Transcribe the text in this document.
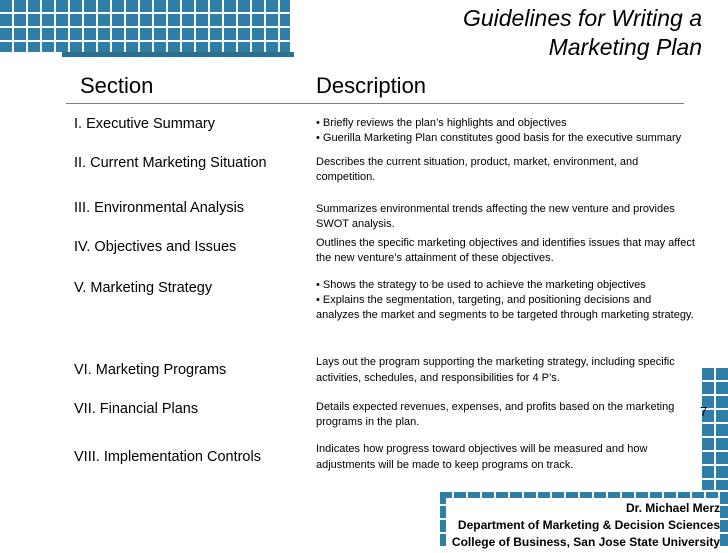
Guidelines for Writing a
Marketing Plan
Section	Description
I. Executive Summary	• Briefly reviews the plan’s highlights and objectives

• Guerilla Marketing Plan constitutes good basis for the executive summary

II. Current Marketing Situation	Describes the current situation, product, market, environment, and competition.

III. Environmental Analysis	Summarizes environmental trends affecting the new venture and provides SWOT analysis.

IV. Objectives and Issues	Outlines the specific marketing objectives and identifies issues that may affect the new venture’s attainment of these objectives.

V. Marketing Strategy	• Shows the strategy to be used to achieve the marketing objectives

• Explains the segmentation, targeting, and positioning decisions and analyzes the market and segments to be targeted through marketing strategy.

VI. Marketing Programs	Lays out the program supporting the marketing strategy, including specific activities, schedules, and responsibilities for 4 P’s.

VII. Financial Plans	Details expected revenues, expenses, and profits based on the marketing programs in the plan.

VIII. Implementation Controls	Indicates how progress toward objectives will be measured and how adjustments will be made to keep programs on track.

7
Dr. Michael Merz
Department of Marketing & Decision Sciences
College of Business, San Jose State University
